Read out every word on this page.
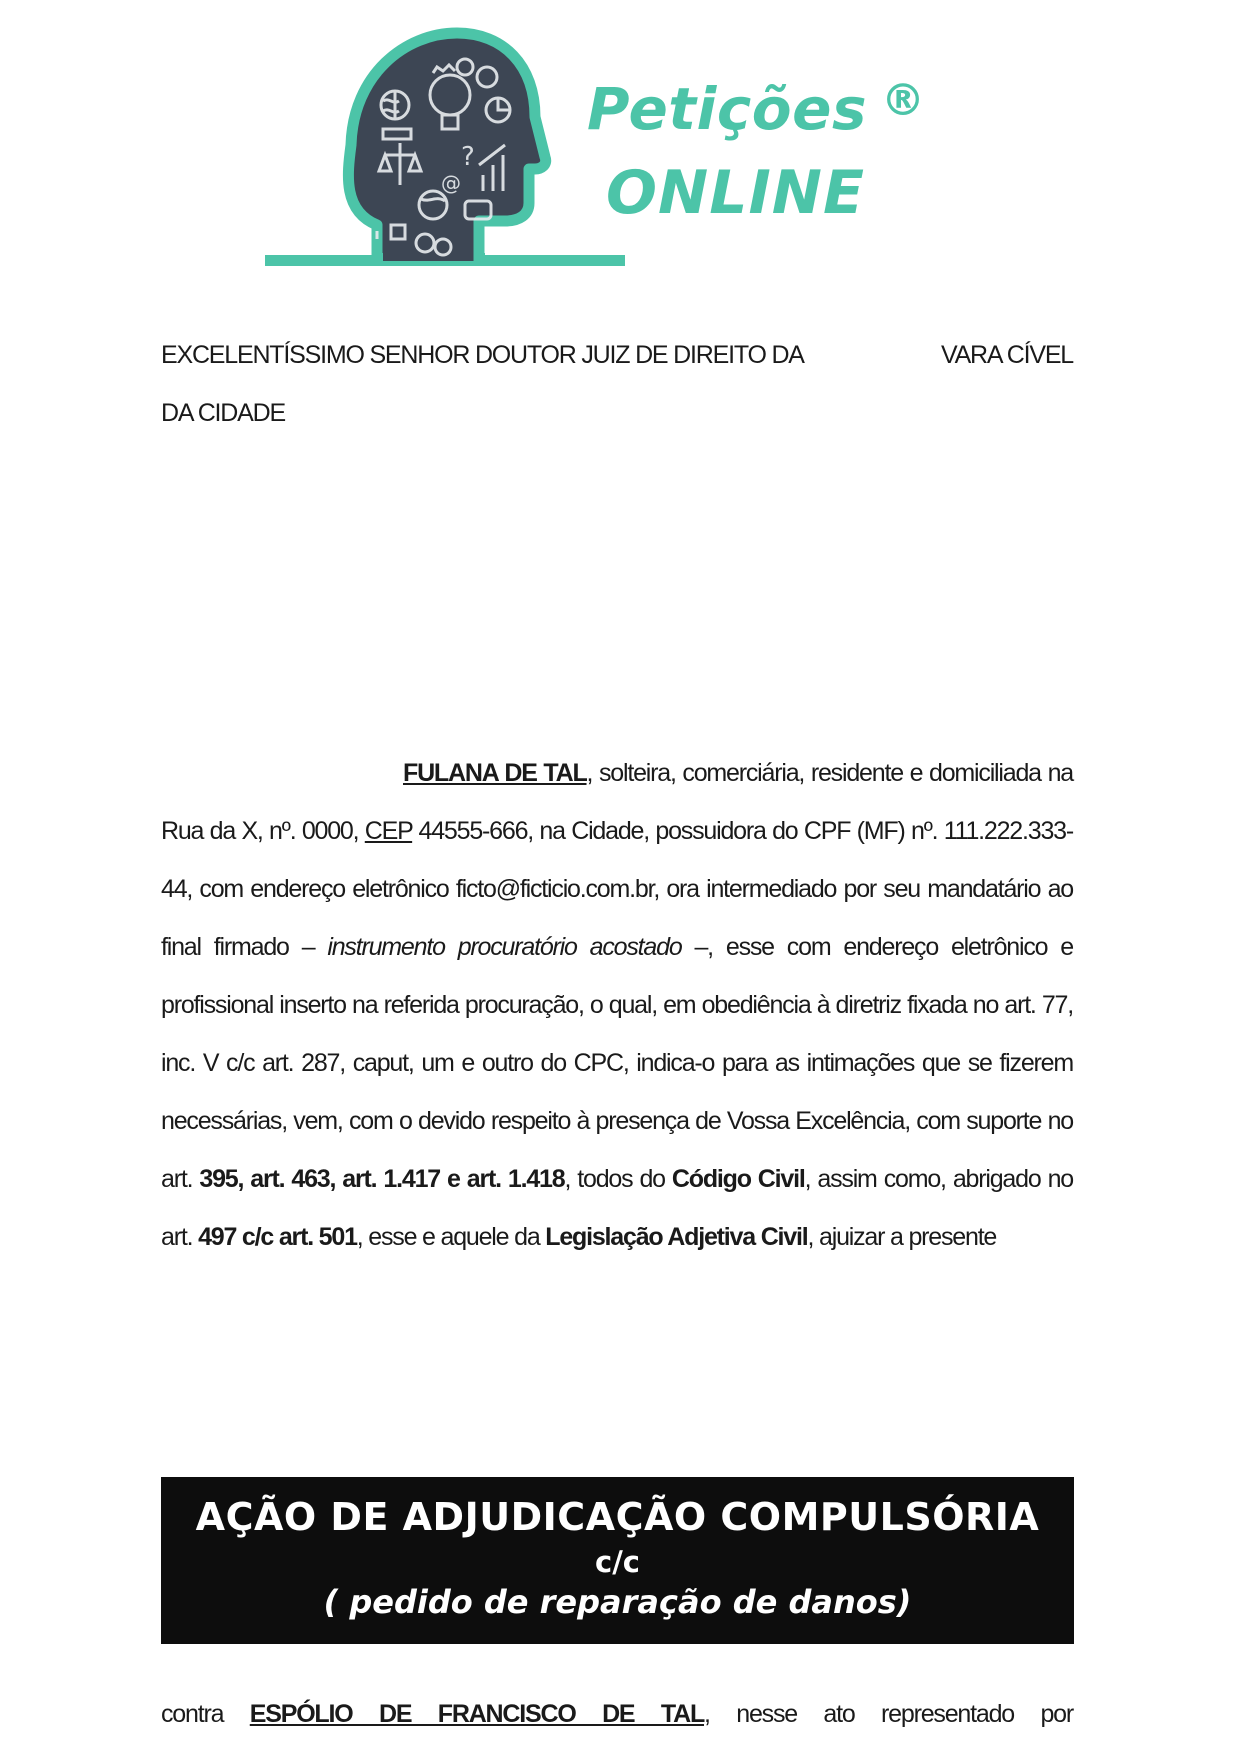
?
@
Petições ®
ONLINE
EXCELENTÍSSIMO SENHOR DOUTOR JUIZ DE DIREITO DA	VARA CÍVEL
DA CIDADE
FULANA DE TAL, solteira, comerciária, residente e domiciliada na Rua da X, nº. 0000, CEP 44555-666, na Cidade, possuidora do CPF (MF) nº. 111.222.333-44, com endereço eletrônico ficto@ficticio.com.br, ora intermediado por seu mandatário ao final firmado – instrumento procuratório acostado –, esse com endereço eletrônico e profissional inserto na referida procuração, o qual, em obediência à diretriz fixada no art. 77, inc. V c/c art. 287, caput, um e outro do CPC, indica-o para as intimações que se fizerem necessárias, vem, com o devido respeito à presença de Vossa Excelência, com suporte no art. 395, art. 463, art. 1.417 e art. 1.418, todos do Código Civil, assim como, abrigado no art. 497 c/c art. 501, esse e aquele da Legislação Adjetiva Civil, ajuizar a presente
AÇÃO DE ADJUDICAÇÃO COMPULSÓRIA
c/c
( pedido de reparação de danos)
contra ESPÓLIO DE FRANCISCO DE TAL, nesse ato representado por
